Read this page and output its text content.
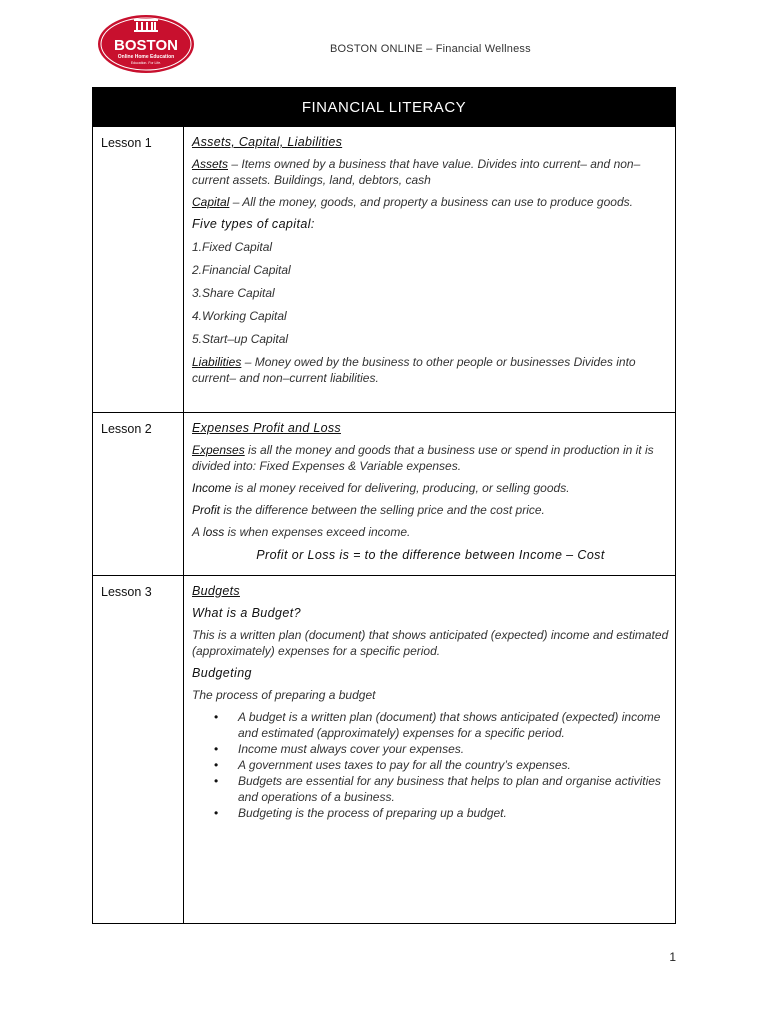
BOSTON
Online Home Education
Education. For Life.
BOSTON ONLINE – Financial Wellness
FINANCIAL LITERACY
Lesson 1	Assets, Capital, Liabilities

Assets – Items owned by a business that have value. Divides into current– and non–current assets. Buildings, land, debtors, cash

Capital – All the money, goods, and property a business can use to produce goods.

Five types of capital:

1.Fixed Capital

2.Financial Capital

3.Share Capital

4.Working Capital

5.Start–up Capital

Liabilities – Money owed by the business to other people or businesses Divides into current– and non–current liabilities.

Lesson 2	Expenses Profit and Loss

Expenses is all the money and goods that a business use or spend in production in it is divided into: Fixed Expenses & Variable expenses.

Income is al money received for delivering, producing, or selling goods.

Profit is the difference between the selling price and the cost price.

A loss is when expenses exceed income.

Profit or Loss is = to the difference between Income – Cost

Lesson 3	Budgets

What is a Budget?

This is a written plan (document) that shows anticipated (expected) income and estimated (approximately) expenses for a specific period.

Budgeting

The process of preparing a budget

• A budget is a written plan (document) that shows anticipated (expected) income and estimated (approximately) expenses for a specific period.
• Income must always cover your expenses.
• A government uses taxes to pay for all the country’s expenses.
• Budgets are essential for any business that helps to plan and organise activities and operations of a business.
• Budgeting is the process of preparing up a budget.
1
